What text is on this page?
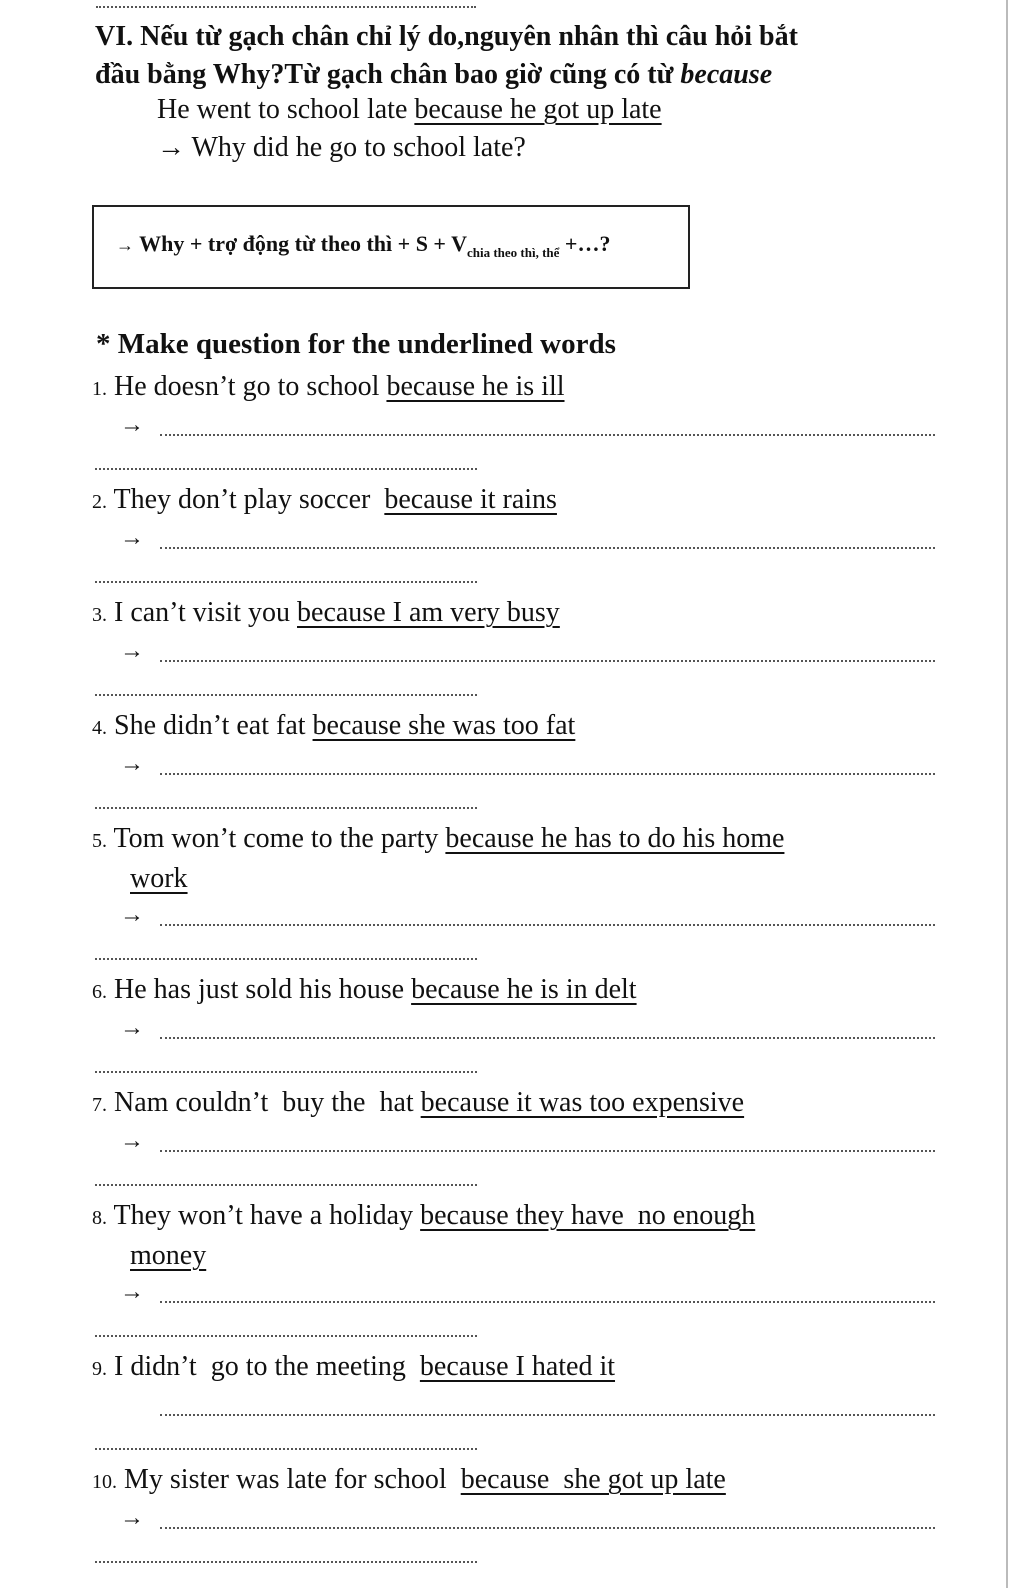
VI. Nếu từ gạch chân chỉ lý do,nguyên nhân thì câu hỏi bắt
đầu bằng Why?Từ gạch chân bao giờ cũng có từ because
He went to school late because he got up late
→ Why did he go to school late?
→ Why + trợ động từ theo thì + $S + V_{chia theo thì, thể}$ +…?
* Make question for the underlined words
1. He doesn’t go to school because he is ill
→
2. They don’t play soccer  because it rains
→
3. I can’t visit you because I am very busy
→
4. She didn’t eat fat because she was too fat
→
5. Tom won’t come to the party because he has to do his home
work
→
6. He has just sold his house because he is in delt
→
7. Nam couldn’t  buy the  hat because it was too expensive
→
8. They won’t have a holiday because they have  no enough
money
→
9. I didn’t  go to the meeting  because I hated it
10. My sister was late for school  because  she got up late
→
